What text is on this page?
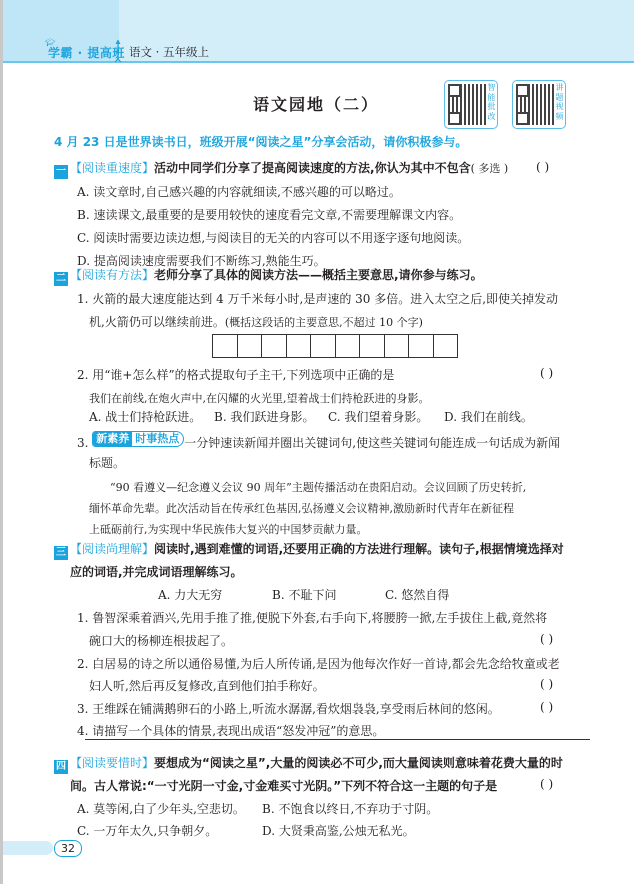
🎓︎
学霸 · 提高班 语文 · 五年级上
语文园地（二）
智能批改
讲题视频
4 月 23 日是世界读书日，班级开展“阅读之星”分享会活动，请你积极参与。
一 【阅读重速度】活动中同学们分享了提高阅读速度的方法,你认为其中不包含( 多选 ) ( )
A. 读文章时,自己感兴趣的内容就细读,不感兴趣的可以略过。
B. 速读课文,最重要的是要用较快的速度看完文章,不需要理解课文内容。
C. 阅读时需要边读边想,与阅读目的无关的内容可以不用逐字逐句地阅读。
D. 提高阅读速度需要我们不断练习,熟能生巧。
二 【阅读有方法】老师分享了具体的阅读方法——概括主要意思,请你参与练习。
1. 火箭的最大速度能达到 4 万千米每小时,是声速的 30 多倍。进入太空之后,即使关掉发动
机,火箭仍可以继续前进。(概括这段话的主要意思,不超过 10 个字)
2. 用“谁+怎么样”的格式提取句子主干,下列选项中正确的是	( )
我们在前线,在炮火声中,在闪耀的火光里,望着战士们持枪跃进的身影。
A. 战士们持枪跃进。 B. 我们跃进身影。 C. 我们望着身影。 D. 我们在前线。
3. 新素养 时事热点 一分钟速读新闻并圈出关键词句,使这些关键词句能连成一句话成为新闻
标题。
“90 看遵义—纪念遵义会议 90 周年”主题传播活动在贵阳启动。会议回顾了历史转折,
缅怀革命先辈。此次活动旨在传承红色基因,弘扬遵义会议精神,激励新时代青年在新征程
上砥砺前行,为实现中华民族伟大复兴的中国梦贡献力量。
三 【阅读尚理解】阅读时,遇到难懂的词语,还要用正确的方法进行理解。读句子,根据情境选择对
应的词语,并完成词语理解练习。
A. 力大无穷	B. 不耻下问	C. 悠然自得
1. 鲁智深乘着酒兴,先用手推了推,便脱下外套,右手向下,将腰胯一掀,左手拔住上截,竟然将
碗口大的杨柳连根拔起了。	( )
2. 白居易的诗之所以通俗易懂,为后人所传诵,是因为他每次作好一首诗,都会先念给牧童或老
妇人听,然后再反复修改,直到他们拍手称好。	( )
3. 王维踩在铺满鹅卵石的小路上,听流水潺潺,看炊烟袅袅,享受雨后林间的悠闲。	( )
4. 请描写一个具体的情景,表现出成语“怒发冲冠”的意思。
四 【阅读要惜时】要想成为“阅读之星”,大量的阅读必不可少,而大量阅读则意味着花费大量的时
间。古人常说:“一寸光阴一寸金,寸金难买寸光阴。”下列不符合这一主题的句子是	( )
A. 莫等闲,白了少年头,空悲切。 B. 不饱食以终日,不弃功于寸阴。
C. 一万年太久,只争朝夕。	D. 大贤秉高鉴,公烛无私光。
32
